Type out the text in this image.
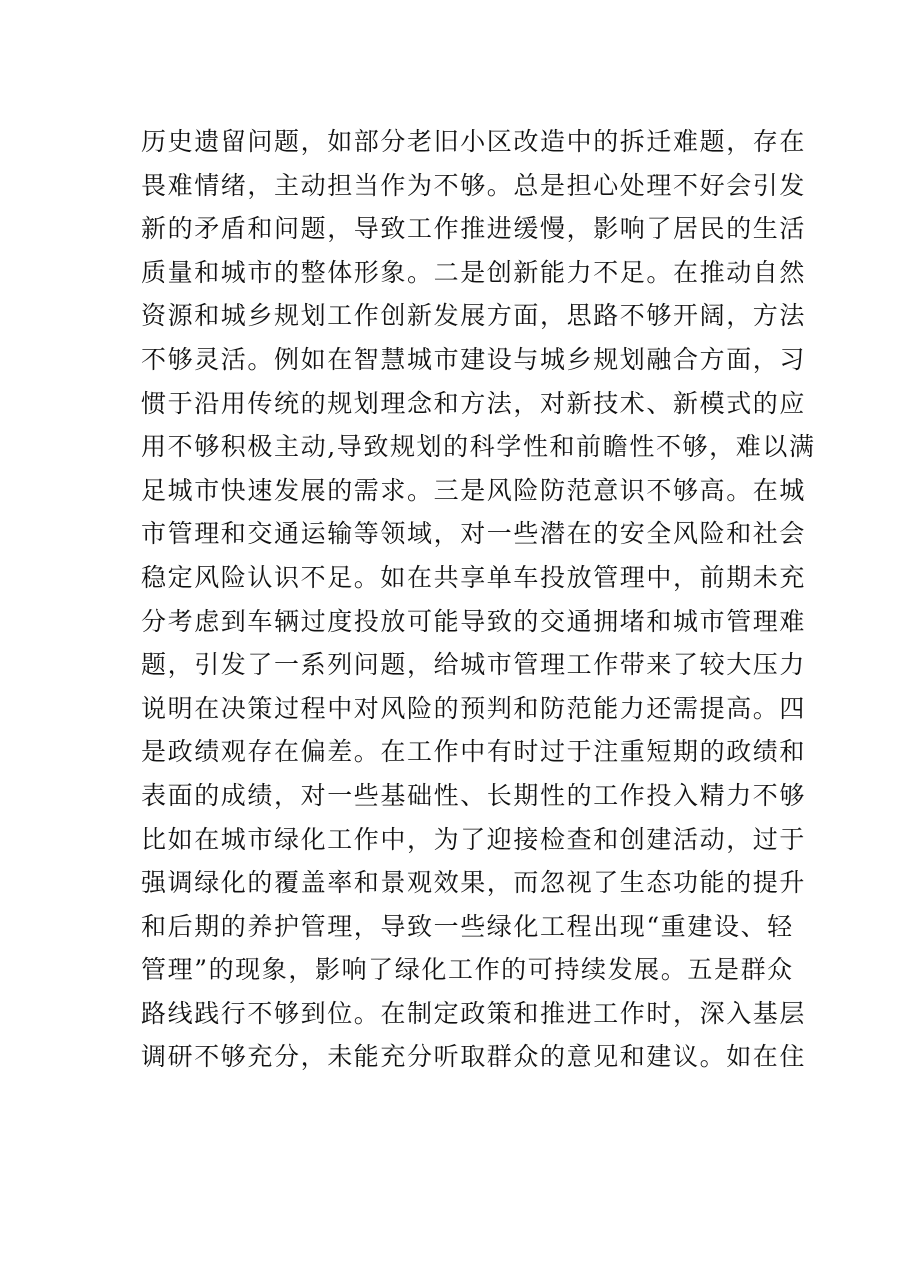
历史遗留问题，如部分老旧小区改造中的拆迁难题，存在
畏难情绪，主动担当作为不够。总是担心处理不好会引发
新的矛盾和问题，导致工作推进缓慢，影响了居民的生活
质量和城市的整体形象。二是创新能力不足。在推动自然
资源和城乡规划工作创新发展方面，思路不够开阔，方法
不够灵活。例如在智慧城市建设与城乡规划融合方面，习
惯于沿用传统的规划理念和方法，对新技术、新模式的应
用不够积极主动,导致规划的科学性和前瞻性不够，难以满
足城市快速发展的需求。三是风险防范意识不够高。在城
市管理和交通运输等领域，对一些潜在的安全风险和社会
稳定风险认识不足。如在共享单车投放管理中，前期未充
分考虑到车辆过度投放可能导致的交通拥堵和城市管理难
题，引发了一系列问题，给城市管理工作带来了较大压力
说明在决策过程中对风险的预判和防范能力还需提高。四
是政绩观存在偏差。在工作中有时过于注重短期的政绩和
表面的成绩，对一些基础性、长期性的工作投入精力不够
比如在城市绿化工作中，为了迎接检查和创建活动，过于
强调绿化的覆盖率和景观效果，而忽视了生态功能的提升
和后期的养护管理，导致一些绿化工程出现“重建设、轻
管理”的现象，影响了绿化工作的可持续发展。五是群众
路线践行不够到位。在制定政策和推进工作时，深入基层
调研不够充分，未能充分听取群众的意见和建议。如在住
